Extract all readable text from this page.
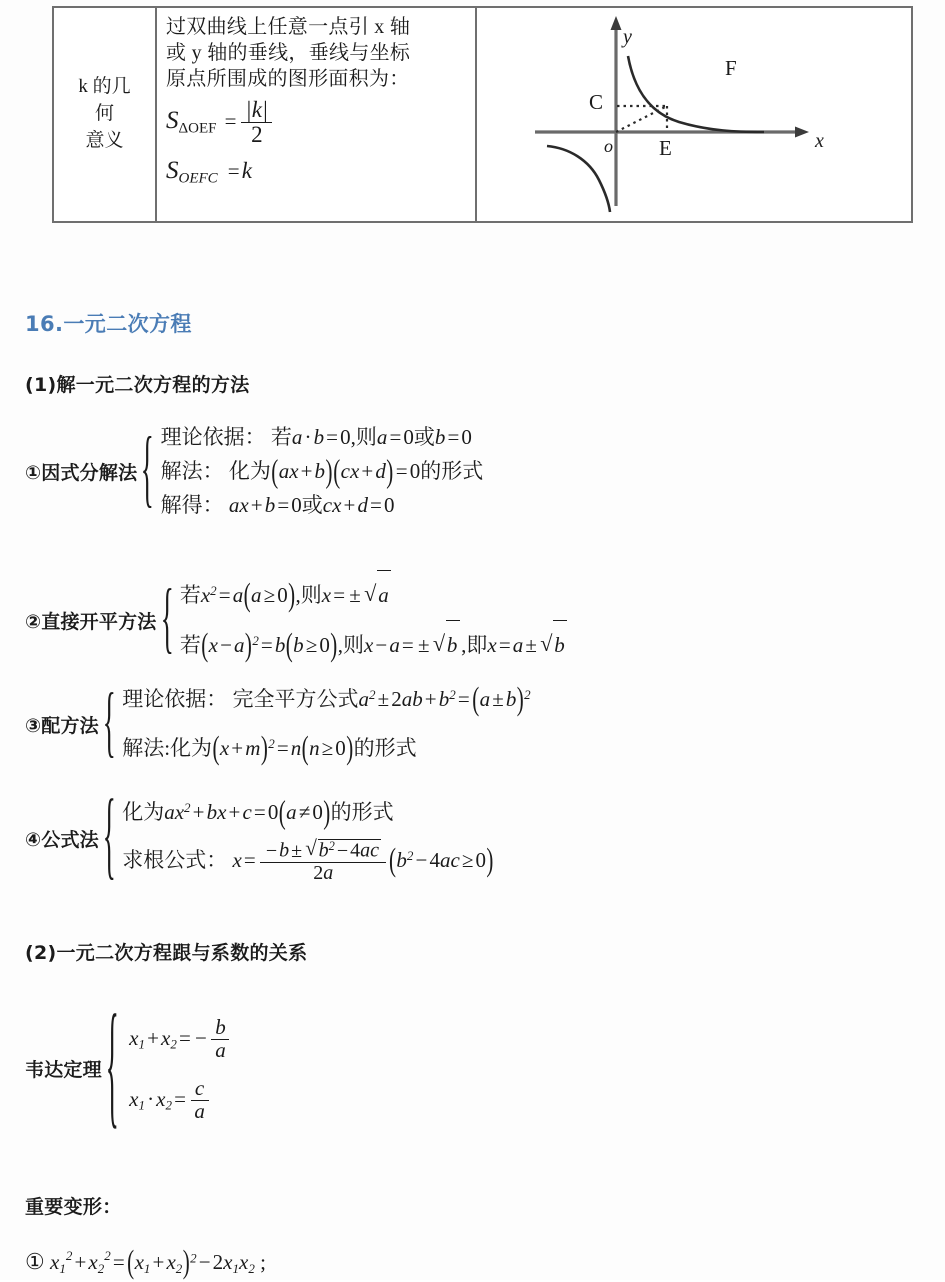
k 的几
何
意义
过双曲线上任意一点引 x 轴
或 y 轴的垂线，垂线与坐标
原点所围成的图形面积为：
$S_{\Delta OEF} = \frac{|k|}{2}$
$S_{OEFC} =k$
y
x
o
C
E
F
16.一元二次方程
(1)解一元二次方程的方法
①因式分解法 { 理论依据： 若a·b=0,则a=0或b=0
解法： 化为(ax+b)(cx+d) =0的形式
解得： ax+b=0或cx+d=0
②直接开平方法 { 若$x^2=a(a\ge 0)$,则x= ± √ a
若$(x-a)^2=b(b\ge 0)$,则x−a= ± √ b ,即x=a± √ b
③配方法 { 理论依据： 完全平方公式$a^2\pm 2ab+b^2= (a\pm b)^2$
解法:化为$(x+m)^2=n(n\ge 0)$的形式
④公式法 { 化为$ax^2+bx+c=0(a\ne 0)$的形式
求根公式： $x= \frac{- b \pm √ b^2 - 4ac}{2a} (b^2-4ac\ge 0)$
(2)一元二次方程跟与系数的关系
韦达定理 { $x_1+x_2= - \frac{b}{a}$
$x_1\cdot x_2= \frac{c}{a}$
重要变形：
① $x_1^2+x_2^2= (x_1+x_2)^2-2x_1x_2$ ;
